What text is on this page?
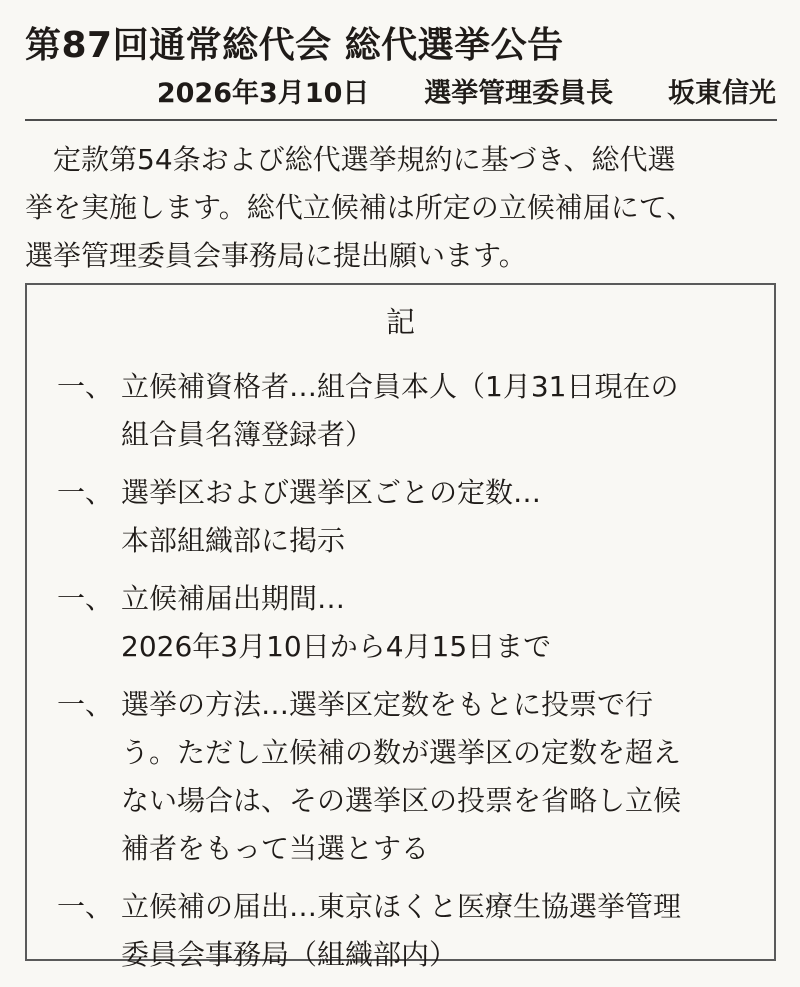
第87回通常総代会 総代選挙公告
2026年3月10日 選挙管理委員長 坂東信光
　定款第54条および総代選挙規約に基づき、総代選
挙を実施します。総代立候補は所定の立候補届にて、
選挙管理委員会事務局に提出願います。
記
一、 立候補資格者…組合員本人（1月31日現在の
組合員名簿登録者）
一、 選挙区および選挙区ごとの定数…
本部組織部に掲示
一、 立候補届出期間…
2026年3月10日から4月15日まで
一、 選挙の方法…選挙区定数をもとに投票で行
う。ただし立候補の数が選挙区の定数を超え
ない場合は、その選挙区の投票を省略し立候
補者をもって当選とする
一、 立候補の届出…東京ほくと医療生協選挙管理
委員会事務局（組織部内）
